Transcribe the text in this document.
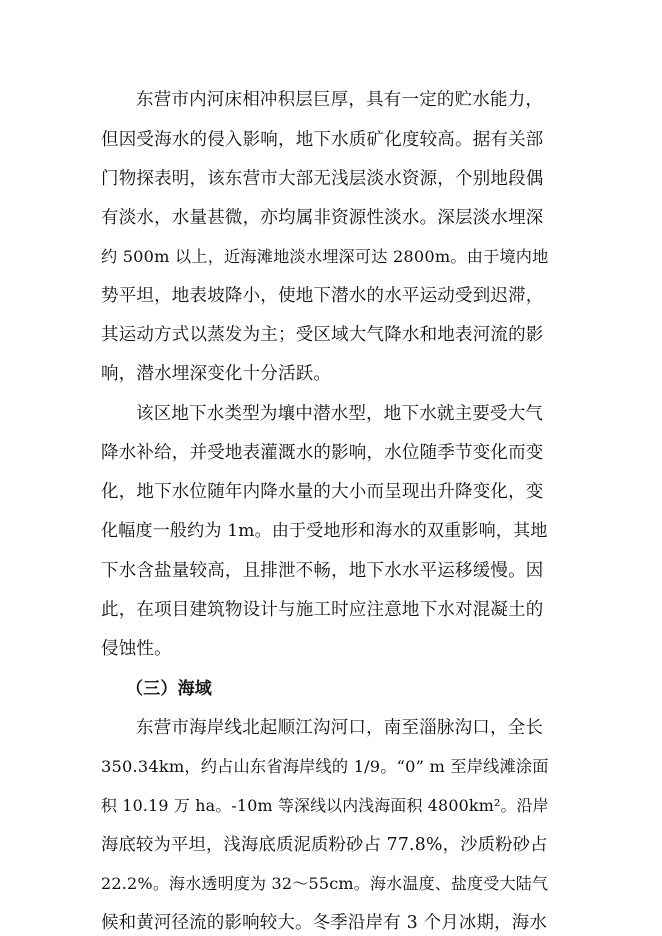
东营市内河床相冲积层巨厚，具有一定的贮水能力，
但因受海水的侵入影响，地下水质矿化度较高。据有关部
门物探表明，该东营市大部无浅层淡水资源，个别地段偶
有淡水，水量甚微，亦均属非资源性淡水。深层淡水埋深
约 500m 以上，近海滩地淡水埋深可达 2800m。由于境内地
势平坦，地表坡降小，使地下潜水的水平运动受到迟滞，
其运动方式以蒸发为主；受区域大气降水和地表河流的影
响，潜水埋深变化十分活跃。
该区地下水类型为壤中潜水型，地下水就主要受大气
降水补给，并受地表灌溉水的影响，水位随季节变化而变
化，地下水位随年内降水量的大小而呈现出升降变化，变
化幅度一般约为 1m。由于受地形和海水的双重影响，其地
下水含盐量较高，且排泄不畅，地下水水平运移缓慢。因
此，在项目建筑物设计与施工时应注意地下水对混凝土的
侵蚀性。
（三）海域
东营市海岸线北起顺江沟河口，南至淄脉沟口，全长
350.34km，约占山东省海岸线的 1/9。“0” m 至岸线滩涂面
积 10.19 万 ha。-10m 等深线以内浅海面积 4800km²。沿岸
海底较为平坦，浅海底质泥质粉砂占 77.8%，沙质粉砂占
22.2%。海水透明度为 32～55cm。海水温度、盐度受大陆气
候和黄河径流的影响较大。冬季沿岸有 3 个月冰期，海水
